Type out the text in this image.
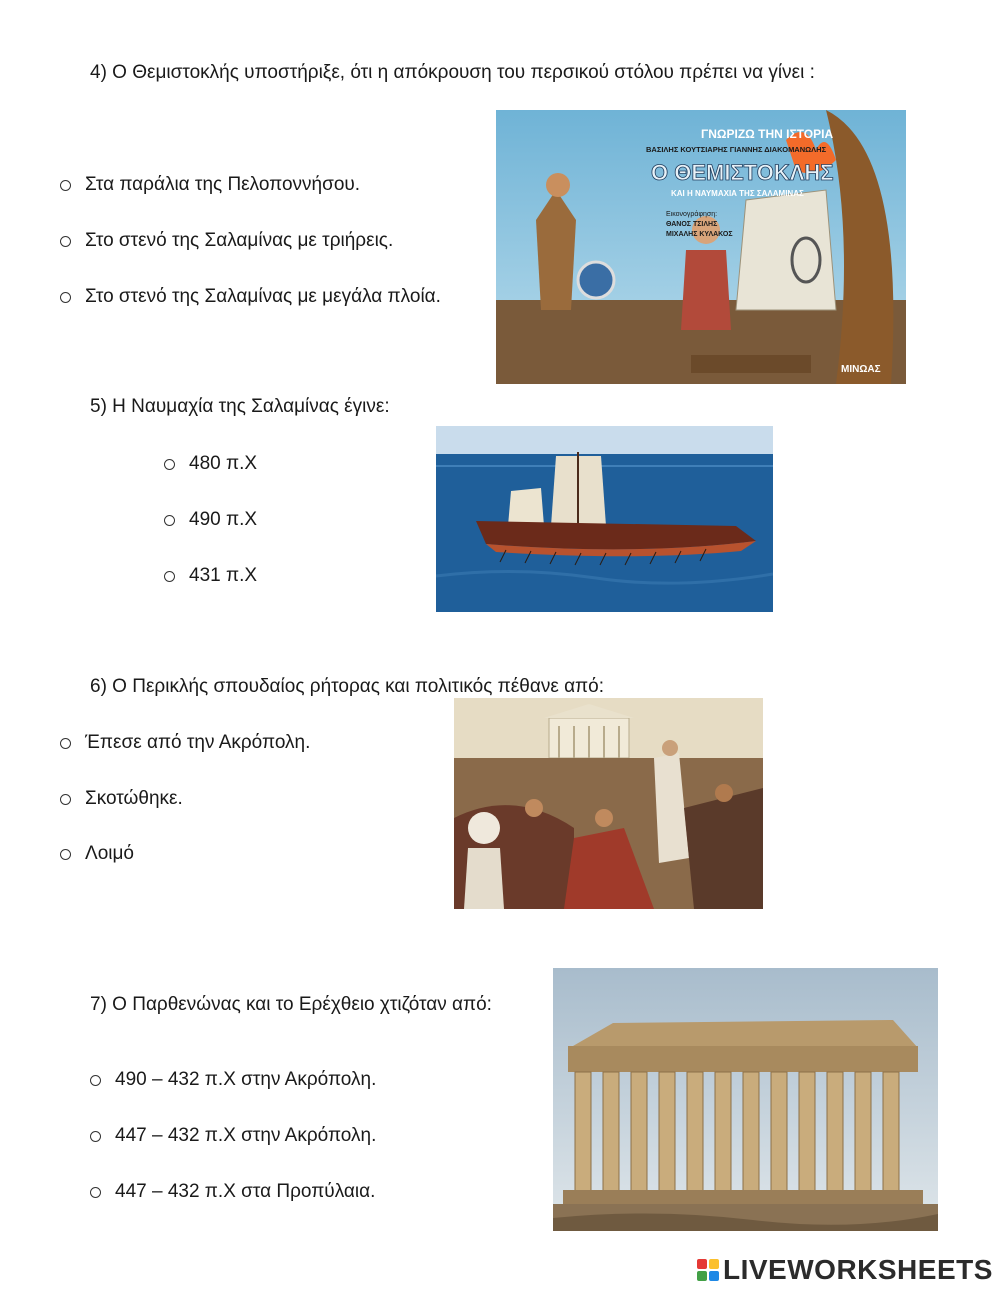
4) Ο Θεμιστοκλής υποστήριξε, ότι η απόκρουση του περσικού στόλου πρέπει να γίνει :
Στα παράλια της Πελοποννήσου.
Στο στενό της Σαλαμίνας με τριήρεις.
Στο στενό της Σαλαμίνας με μεγάλα πλοία.
ΓΝΩΡΙΖΩ ΤΗΝ ΙΣΤΟΡΙΑ
ΒΑΣΙΛΗΣ ΚΟΥΤΣΙΑΡΗΣ ΓΙΑΝΝΗΣ ΔΙΑΚΟΜΑΝΩΛΗΣ
Ο ΘΕΜΙΣΤΟΚΛΗΣ
ΚΑΙ Η ΝΑΥΜΑΧΙΑ ΤΗΣ ΣΑΛΑΜΙΝΑΣ
Εικονογράφηση:
ΘΑΝΟΣ ΤΣΙΛΗΣ
ΜΙΧΑΛΗΣ ΚΥΛΑΚΟΣ
ΜΙΝΩΑΣ
5) Η Ναυμαχία της Σαλαμίνας έγινε:
480 π.Χ
490 π.Χ
431 π.Χ
6) Ο Περικλής σπουδαίος ρήτορας και πολιτικός πέθανε από:
Έπεσε από την Ακρόπολη.
Σκοτώθηκε.
Λοιμό
7) Ο Παρθενώνας και το Ερέχθειο χτιζόταν από:
490 – 432 π.Χ στην Ακρόπολη.
447 – 432 π.Χ στην Ακρόπολη.
447 – 432 π.Χ στα Προπύλαια.
LIVEWORKSHEETS
